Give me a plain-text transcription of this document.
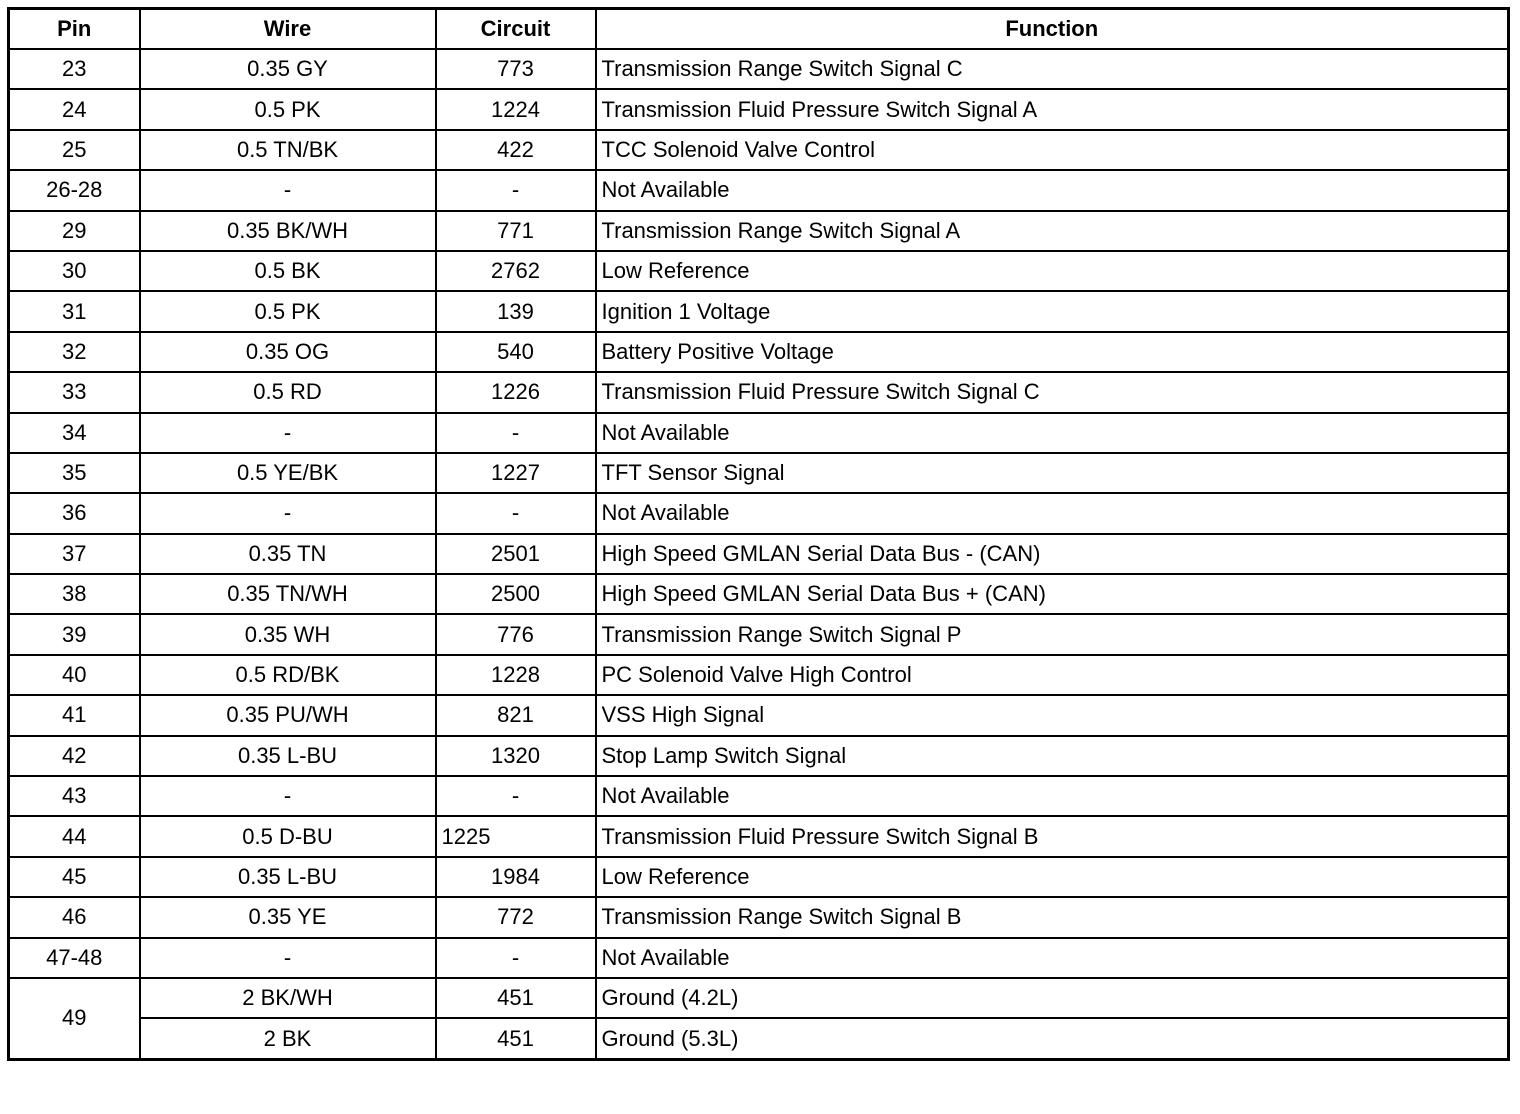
Pin	Wire	Circuit	Function
23	0.35 GY	773	Transmission Range Switch Signal C
24	0.5 PK	1224	Transmission Fluid Pressure Switch Signal A
25	0.5 TN/BK	422	TCC Solenoid Valve Control
26-28	-	-	Not Available
29	0.35 BK/WH	771	Transmission Range Switch Signal A
30	0.5 BK	2762	Low Reference
31	0.5 PK	139	Ignition 1 Voltage
32	0.35 OG	540	Battery Positive Voltage
33	0.5 RD	1226	Transmission Fluid Pressure Switch Signal C
34	-	-	Not Available
35	0.5 YE/BK	1227	TFT Sensor Signal
36	-	-	Not Available
37	0.35 TN	2501	High Speed GMLAN Serial Data Bus - (CAN)
38	0.35 TN/WH	2500	High Speed GMLAN Serial Data Bus + (CAN)
39	0.35 WH	776	Transmission Range Switch Signal P
40	0.5 RD/BK	1228	PC Solenoid Valve High Control
41	0.35 PU/WH	821	VSS High Signal
42	0.35 L-BU	1320	Stop Lamp Switch Signal
43	-	-	Not Available
44	0.5 D-BU	1225	Transmission Fluid Pressure Switch Signal B
45	0.35 L-BU	1984	Low Reference
46	0.35 YE	772	Transmission Range Switch Signal B
47-48	-	-	Not Available
49	2 BK/WH	451	Ground (4.2L)
	2 BK	451	Ground (5.3L)
